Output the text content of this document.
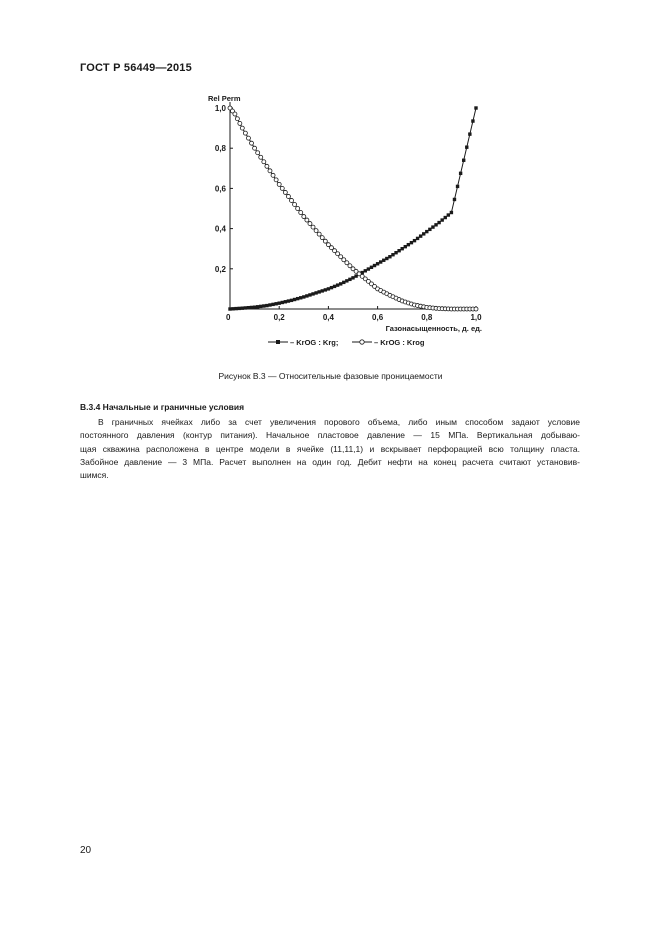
ГОСТ Р 56449—2015
0,2
0,4
0,6
0,8
1,0
0	0,2	0,4	0,6	0,8	1,0
Rel Perm
Газонасыщенность, д. ед.
– KrOG : Krg;	– KrOG : Krog
Рисунок В.3 — Относительные фазовые проницаемости
В.3.4 Начальные и граничные условия
В граничных ячейках либо за счет увеличения порового объема, либо иным способом задают условие
постоянного давления (контур питания). Начальное пластовое давление — 15 МПа. Вертикальная добываю-
щая скважина расположена в центре модели в ячейке (11,11,1) и вскрывает перфорацией всю толщину пласта.
Забойное давление — 3 МПа. Расчет выполнен на один год. Дебит нефти на конец расчета считают установив-
шимся.
20
